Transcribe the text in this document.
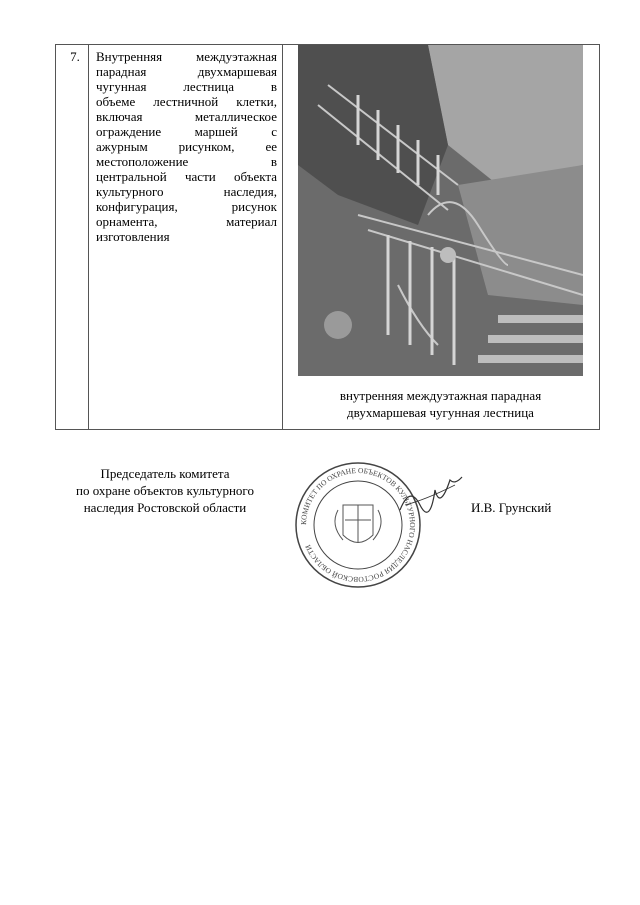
7.	Внутренняя междуэтажная
парадная двухмаршевая
чугунная лестница в
объеме лестничной клетки,
включая металлическое
ограждение маршей с
ажурным рисунком, ее
местоположение в
центральной части объекта
культурного наследия,
конфигурация, рисунок
орнамента, материал
изготовления
внутренняя междуэтажная парадная
двухмаршевая чугунная лестница
Председатель комитета
по охране объектов культурного
наследия Ростовской области
КОМИТЕТ ПО ОХРАНЕ ОБЪЕКТОВ КУЛЬТУРНОГО НАСЛЕДИЯ РОСТОВСКОЙ ОБЛАСТИ
И.В. Грунский
